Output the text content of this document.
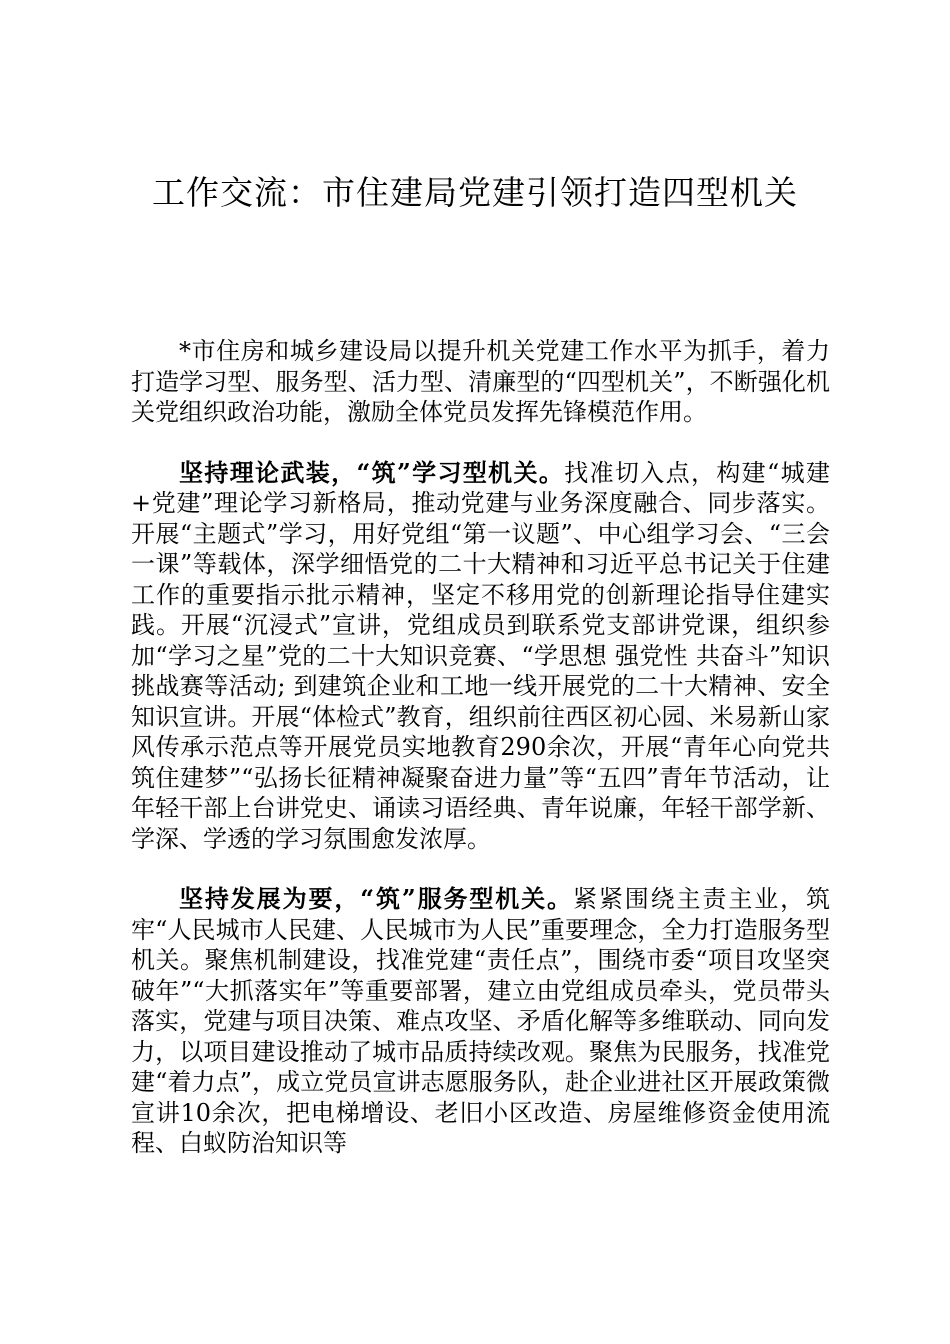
工作交流：市住建局党建引领打造四型机关

*市住房和城乡建设局以提升机关党建工作水平为抓手，着力打造学习型、服务型、活力型、清廉型的“四型机关”，不断强化机关党组织政治功能，激励全体党员发挥先锋模范作用。

坚持理论武装，“筑”学习型机关。找准切入点，构建“城建+党建”理论学习新格局，推动党建与业务深度融合、同步落实。开展“主题式”学习，用好党组“第一议题”、中心组学习会、“三会一课”等载体，深学细悟党的二十大精神和习近平总书记关于住建工作的重要指示批示精神，坚定不移用党的创新理论指导住建实践。开展“沉浸式”宣讲，党组成员到联系党支部讲党课，组织参加“学习之星”党的二十大知识竞赛、“学思想 强党性 共奋斗”知识挑战赛等活动; 到建筑企业和工地一线开展党的二十大精神、安全知识宣讲。开展“体检式”教育，组织前往西区初心园、米易新山家风传承示范点等开展党员实地教育290余次，开展“青年心向党共筑住建梦”“弘扬长征精神凝聚奋进力量”等“五四”青年节活动，让年轻干部上台讲党史、诵读习语经典、青年说廉，年轻干部学新、学深、学透的学习氛围愈发浓厚。

坚持发展为要，“筑”服务型机关。紧紧围绕主责主业，筑牢“人民城市人民建、人民城市为人民”重要理念，全力打造服务型机关。聚焦机制建设，找准党建“责任点”，围绕市委“项目攻坚突破年”“大抓落实年”等重要部署，建立由党组成员牵头，党员带头落实，党建与项目决策、难点攻坚、矛盾化解等多维联动、同向发力，以项目建设推动了城市品质持续改观。聚焦为民服务，找准党建“着力点”，成立党员宣讲志愿服务队，赴企业进社区开展政策微宣讲10余次，把电梯增设、老旧小区改造、房屋维修资金使用流程、白蚁防治知识等
